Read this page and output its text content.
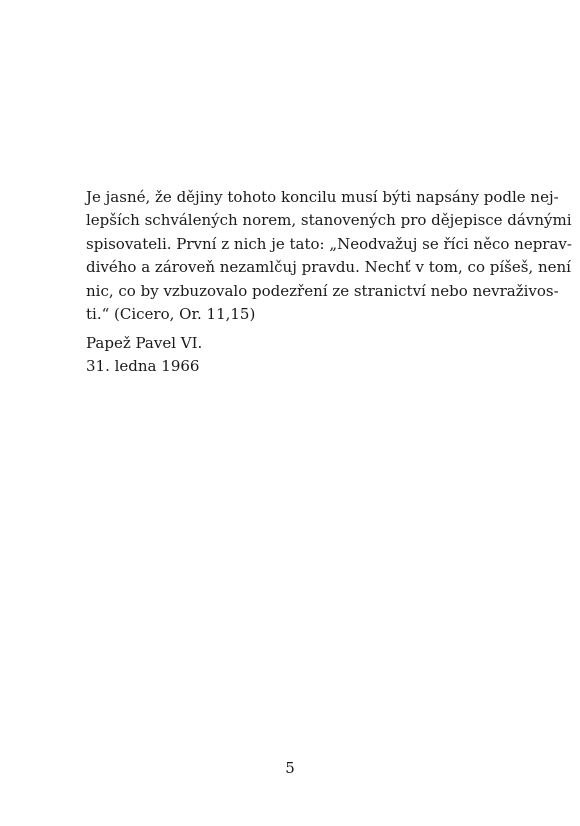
Je jasné, že dějiny tohoto koncilu musí býti napsány podle nej-
lepších schválených norem, stanovených pro dějepisce dávnými
spisovateli. První z nich je tato: „Neodvažuj se říci něco neprav-
divého a zároveň nezamlčuj pravdu. Nechť v tom, co píšeš, není
nic, co by vzbuzovalo podezření ze stranictví nebo nevraživos-
ti.“ (Cicero, Or. 11,15)
Papež Pavel VI.
31. ledna 1966
5
